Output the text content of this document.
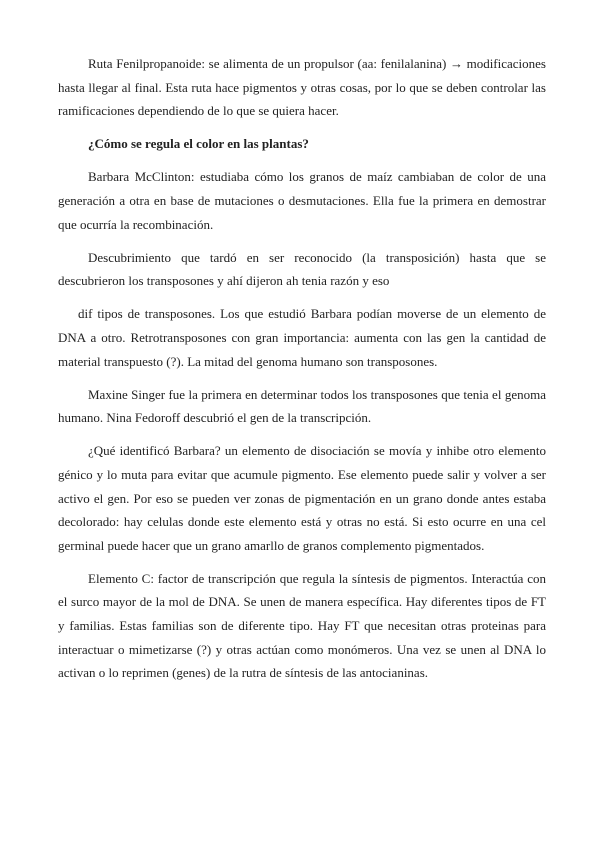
Ruta Fenilpropanoide: se alimenta de un propulsor (aa: fenilalanina) → modificaciones hasta llegar al final. Esta ruta hace pigmentos y otras cosas, por lo que se deben controlar las ramificaciones dependiendo de lo que se quiera hacer.

¿Cómo se regula el color en las plantas?

Barbara McClinton: estudiaba cómo los granos de maíz cambiaban de color de una generación a otra en base de mutaciones o desmutaciones. Ella fue la primera en demostrar que ocurría la recombinación.

Descubrimiento que tardó en ser reconocido (la transposición) hasta que se descubrieron los transposones y ahí dijeron ah tenia razón y eso

dif tipos de transposones. Los que estudió Barbara podían moverse de un elemento de DNA a otro. Retrotransposones con gran importancia: aumenta con las gen la cantidad de material transpuesto (?). La mitad del genoma humano son transposones.

Maxine Singer fue la primera en determinar todos los transposones que tenia el genoma humano. Nina Fedoroff descubrió el gen de la transcripción.

¿Qué identificó Barbara? un elemento de disociación se movía y inhibe otro elemento génico y lo muta para evitar que acumule pigmento. Ese elemento puede salir y volver a ser activo el gen. Por eso se pueden ver zonas de pigmentación en un grano donde antes estaba decolorado: hay celulas donde este elemento está y otras no está. Si esto ocurre en una cel germinal puede hacer que un grano amarllo de granos complemento pigmentados.

Elemento C: factor de transcripción que regula la síntesis de pigmentos. Interactúa con el surco mayor de la mol de DNA. Se unen de manera específica. Hay diferentes tipos de FT y familias. Estas familias son de diferente tipo. Hay FT que necesitan otras proteinas para interactuar o mimetizarse (?) y otras actúan como monómeros. Una vez se unen al DNA lo activan o lo reprimen (genes) de la rutra de síntesis de las antocianinas.
